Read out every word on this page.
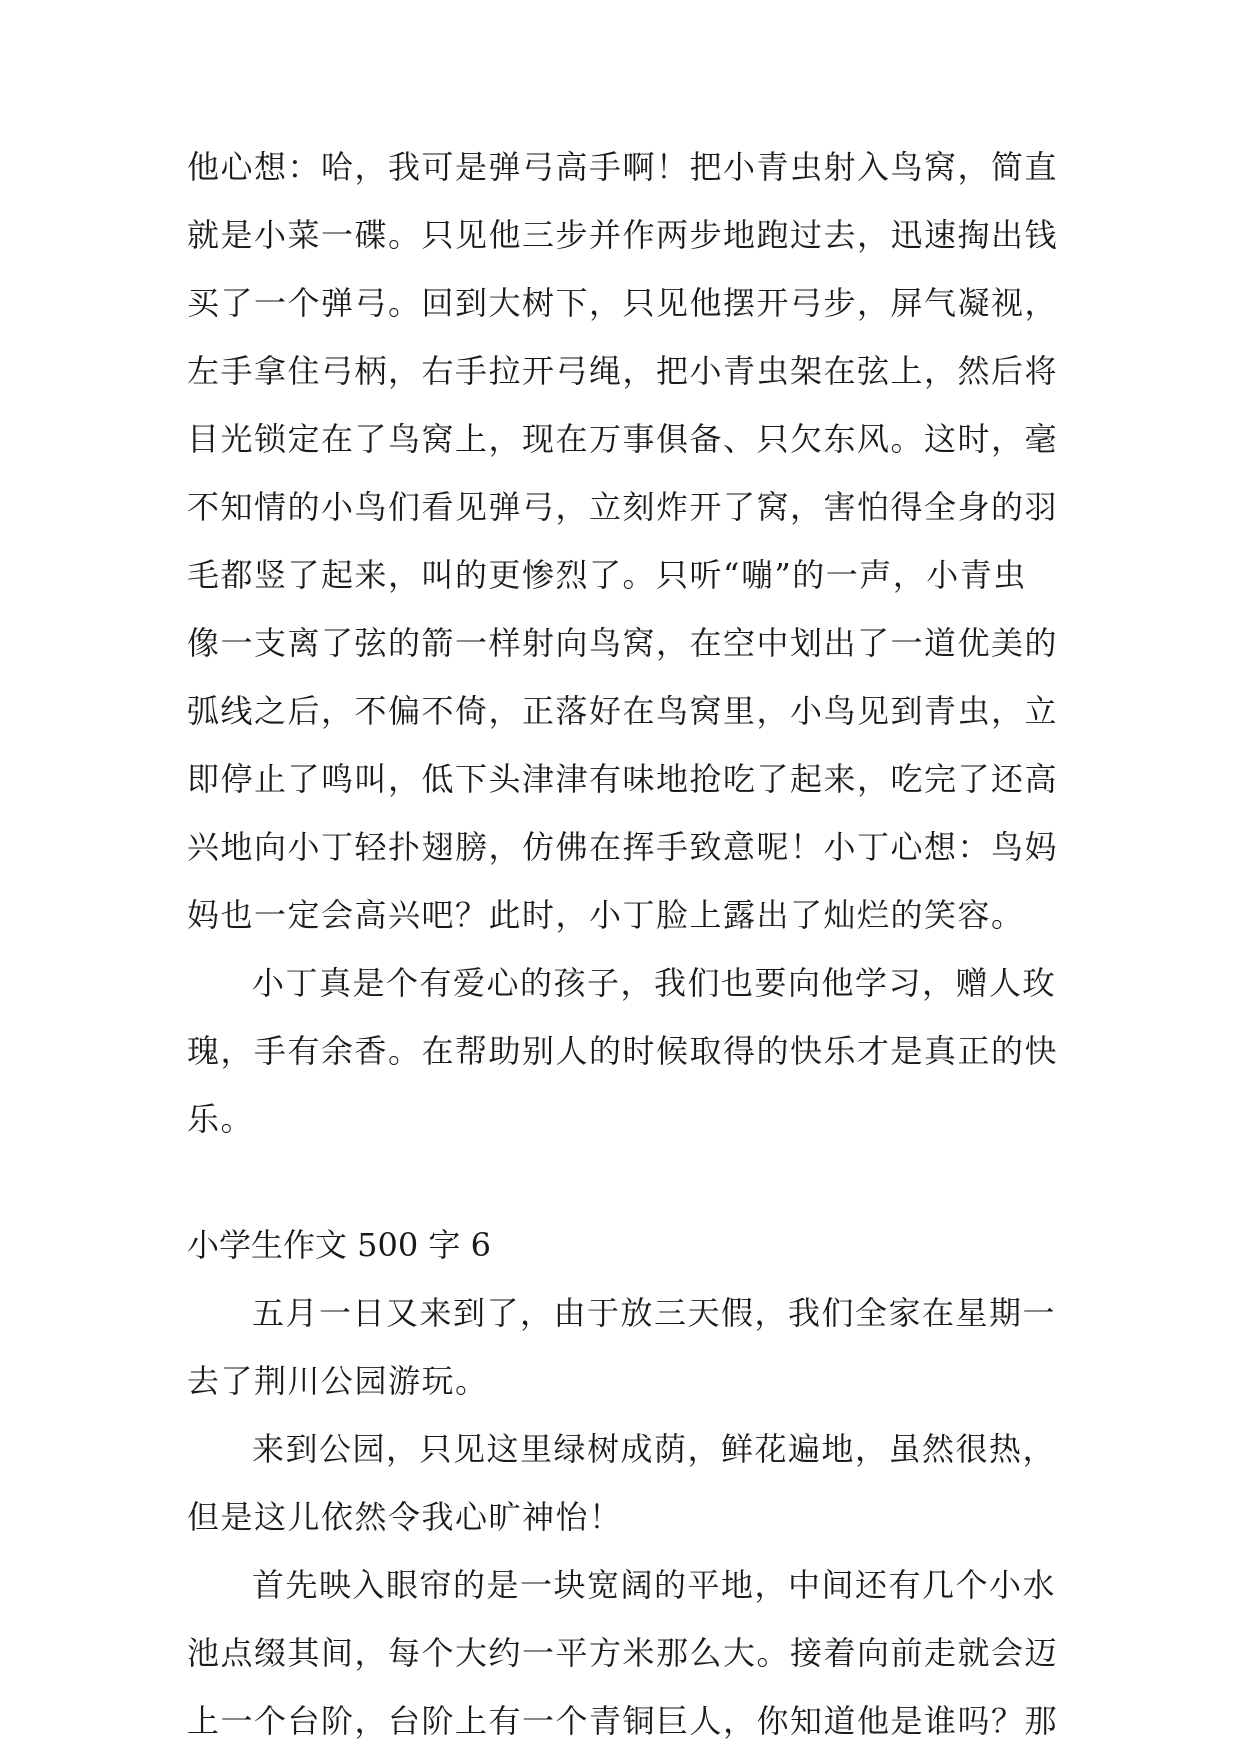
他心想：哈，我可是弹弓高手啊！把小青虫射入鸟窝，简直
就是小菜一碟。只见他三步并作两步地跑过去，迅速掏出钱
买了一个弹弓。回到大树下，只见他摆开弓步，屏气凝视，
左手拿住弓柄，右手拉开弓绳，把小青虫架在弦上，然后将
目光锁定在了鸟窝上，现在万事俱备、只欠东风。这时，毫
不知情的小鸟们看见弹弓，立刻炸开了窝，害怕得全身的羽
毛都竖了起来，叫的更惨烈了。只听“嘣”的一声，小青虫
像一支离了弦的箭一样射向鸟窝，在空中划出了一道优美的
弧线之后，不偏不倚，正落好在鸟窝里，小鸟见到青虫，立
即停止了鸣叫，低下头津津有味地抢吃了起来，吃完了还高
兴地向小丁轻扑翅膀，仿佛在挥手致意呢！小丁心想：鸟妈
妈也一定会高兴吧？此时，小丁脸上露出了灿烂的笑容。
小丁真是个有爱心的孩子，我们也要向他学习，赠人玫
瑰，手有余香。在帮助别人的时候取得的快乐才是真正的快
乐。
小学生作文 500 字 6
五月一日又来到了，由于放三天假，我们全家在星期一
去了荆川公园游玩。
来到公园，只见这里绿树成荫，鲜花遍地，虽然很热，
但是这儿依然令我心旷神怡！
首先映入眼帘的是一块宽阔的平地，中间还有几个小水
池点缀其间，每个大约一平方米那么大。接着向前走就会迈
上一个台阶，台阶上有一个青铜巨人，你知道他是谁吗？那
